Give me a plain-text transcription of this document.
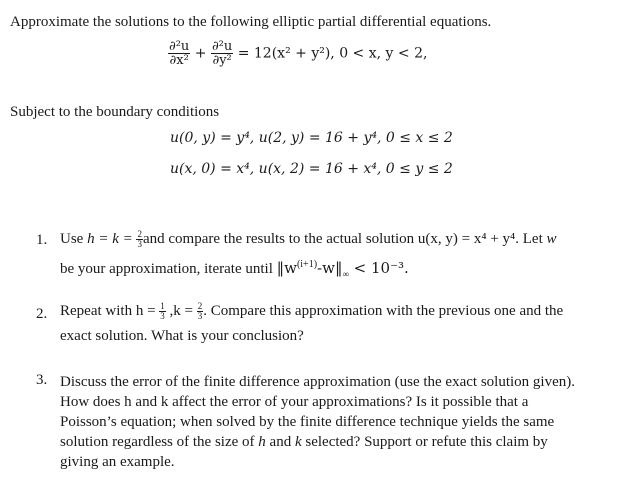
Approximate the solutions to the following elliptic partial differential equations.
$\frac{\text{∂²u}}{\text{∂x²}} + \frac{\text{∂²u}}{\text{∂y²}} = 12(x^2 + y^2)$, 0 < x, y < 2,
Subject to the boundary conditions
u(0, y) = y⁴, u(2, y) = 16 + y⁴, 0 ≤ x ≤ 2
u(x, 0) = x⁴, u(x, 2) = 16 + x⁴, 0 ≤ y ≤ 2
1. Use $h = k = \frac{2}{3}$ and compare the results to the actual solution u(x, y) = x⁴ + y⁴. Let w
be your approximation, iterate until $‖w^{(i+1)}-w‖_\infty < 10^{-3}$.
2. Repeat with $h = \frac{1}{3} ,k = \frac{2}{3}$ . Compare this approximation with the previous one and the
exact solution. What is your conclusion?
3. Discuss the error of the finite difference approximation (use the exact solution given).
How does h and k affect the error of your approximations? Is it possible that a
Poisson’s equation; when solved by the finite difference technique yields the same
solution regardless of the size of h and k selected? Support or refute this claim by
giving an example.
